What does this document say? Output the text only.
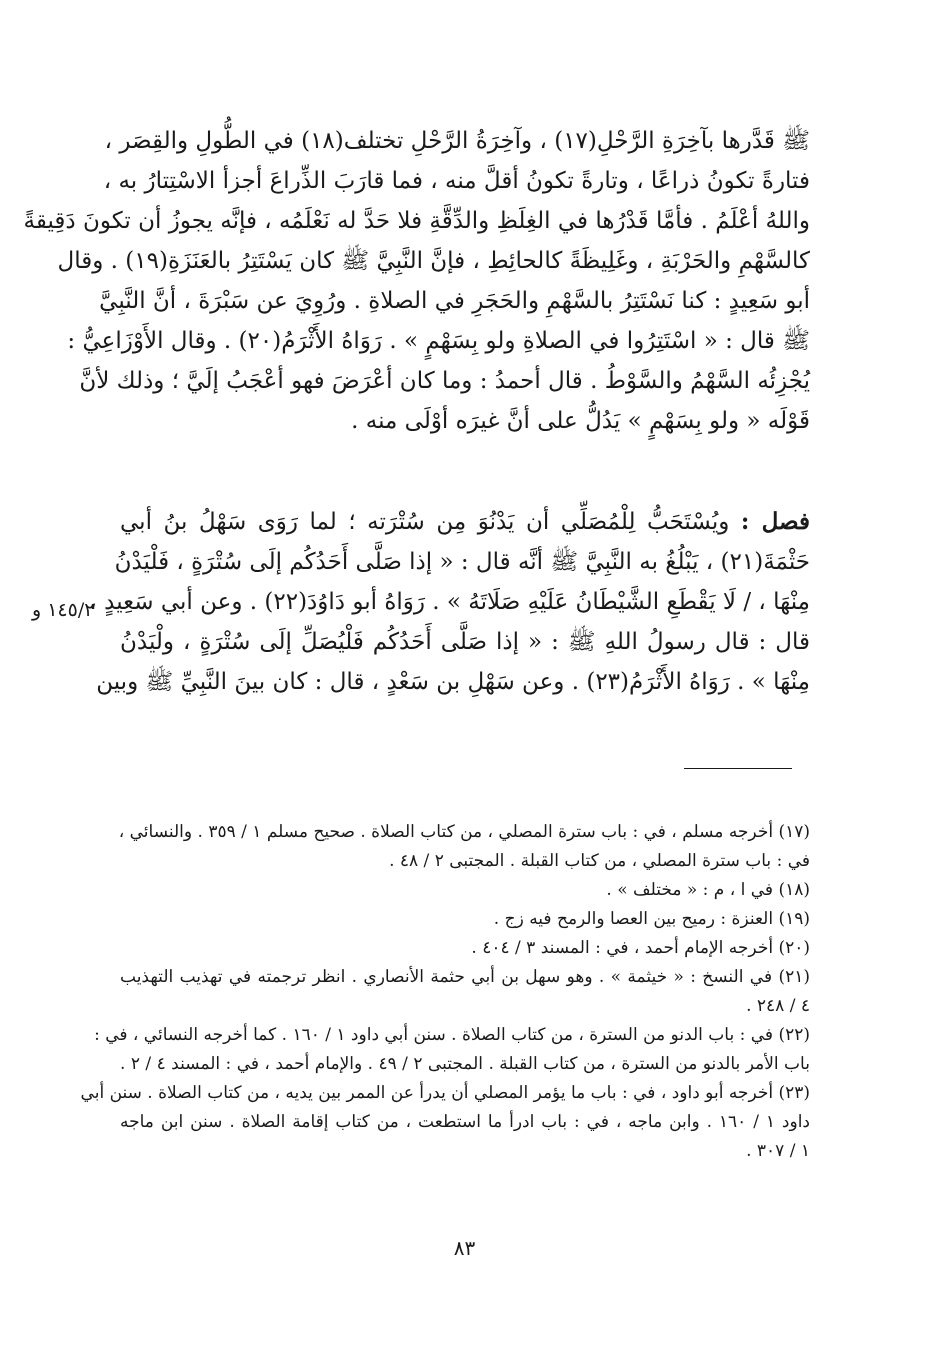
ﷺ قَدَّرها بآخِرَةِ الرَّحْلِ(١٧) ، وآخِرَةُ الرَّحْلِ تختلف(١٨) في الطُّولِ والقِصَر ،
فتارةً تكونُ ذراعًا ، وتارةً تكونُ أقلَّ منه ، فما قارَبَ الذِّراعَ أجزأ الاسْتِتارُ به ،
واللهُ أعْلَمُ . فأمَّا قَدْرُها في الغِلَظِ والدِّقَّةِ فلا حَدَّ له نَعْلَمُه ، فإنَّه يجوزُ أن تكونَ دَقِيقةً
كالسَّهْمِ والحَرْبَةِ ، وغَلِيظَةً كالحائِطِ ، فإنَّ النَّبِيَّ ﷺ كان يَسْتَتِرُ بالعَنَزَةِ(١٩) . وقال
أبو سَعِيدٍ : كنا نَسْتَتِرُ بالسَّهْمِ والحَجَرِ في الصلاةِ . ورُوِيَ عن سَبْرَةَ ، أنَّ النَّبِيَّ
ﷺ قال : « اسْتَتِرُوا في الصلاةِ ولو بِسَهْمٍ » . رَوَاهُ الأَثْرَمُ(٢٠) . وقال الأَوْزَاعِيُّ :
يُجْزِئُه السَّهْمُ والسَّوْطُ . قال أحمدُ : وما كان أعْرَضَ فهو أعْجَبُ إلَيَّ ؛ وذلك لأنَّ
قَوْلَه « ولو بِسَهْمٍ » يَدُلُّ على أنَّ غيرَه أوْلَى منه .
فصل : ويُسْتَحَبُّ لِلْمُصَلِّي أن يَدْنُوَ مِن سُتْرَته ؛ لما رَوَى سَهْلُ بنُ أبي
حَثْمَةَ(٢١) ، يَبْلُغُ به النَّبِيَّ ﷺ أنَّه قال : « إذا صَلَّى أَحَدُكُم إلَى سُتْرَةٍ ، فَلْيَدْنُ
مِنْهَا ، / لَا يَقْطَعِ الشَّيْطَانُ عَلَيْهِ صَلَاتَهُ » . رَوَاهُ أبو دَاوُدَ(٢٢) . وعن أبي سَعِيدٍ ،
قال : قال رسولُ اللهِ ﷺ : « إذا صَلَّى أَحَدُكُم فَلْيُصَلِّ إلَى سُتْرَةٍ ، ولْيَدْنُ
مِنْهَا » . رَوَاهُ الأَثْرَمُ(٢٣) . وعن سَهْلِ بن سَعْدٍ ، قال : كان بينَ النَّبِيِّ ﷺ وبين
١٤٥/٢ و
(١٧) أخرجه مسلم ، في : باب سترة المصلي ، من كتاب الصلاة . صحيح مسلم ١ / ٣٥٩ . والنسائي ،
في : باب سترة المصلي ، من كتاب القبلة . المجتبى ٢ / ٤٨ .
(١٨) في ا ، م : « مختلف » .
(١٩) العنزة : رميح بين العصا والرمح فيه زج .
(٢٠) أخرجه الإمام أحمد ، في : المسند ٣ / ٤٠٤ .
(٢١) في النسخ : « خيثمة » . وهو سهل بن أبي حثمة الأنصاري . انظر ترجمته في تهذيب التهذيب
٤ / ٢٤٨ .
(٢٢) في : باب الدنو من السترة ، من كتاب الصلاة . سنن أبي داود ١ / ١٦٠ . كما أخرجه النسائي ، في :
باب الأمر بالدنو من السترة ، من كتاب القبلة . المجتبى ٢ / ٤٩ . والإمام أحمد ، في : المسند ٤ / ٢ .
(٢٣) أخرجه أبو داود ، في : باب ما يؤمر المصلي أن يدرأ عن الممر بين يديه ، من كتاب الصلاة . سنن أبي
داود ١ / ١٦٠ . وابن ماجه ، في : باب ادرأ ما استطعت ، من كتاب إقامة الصلاة . سنن ابن ماجه
١ / ٣٠٧ .
٨٣
